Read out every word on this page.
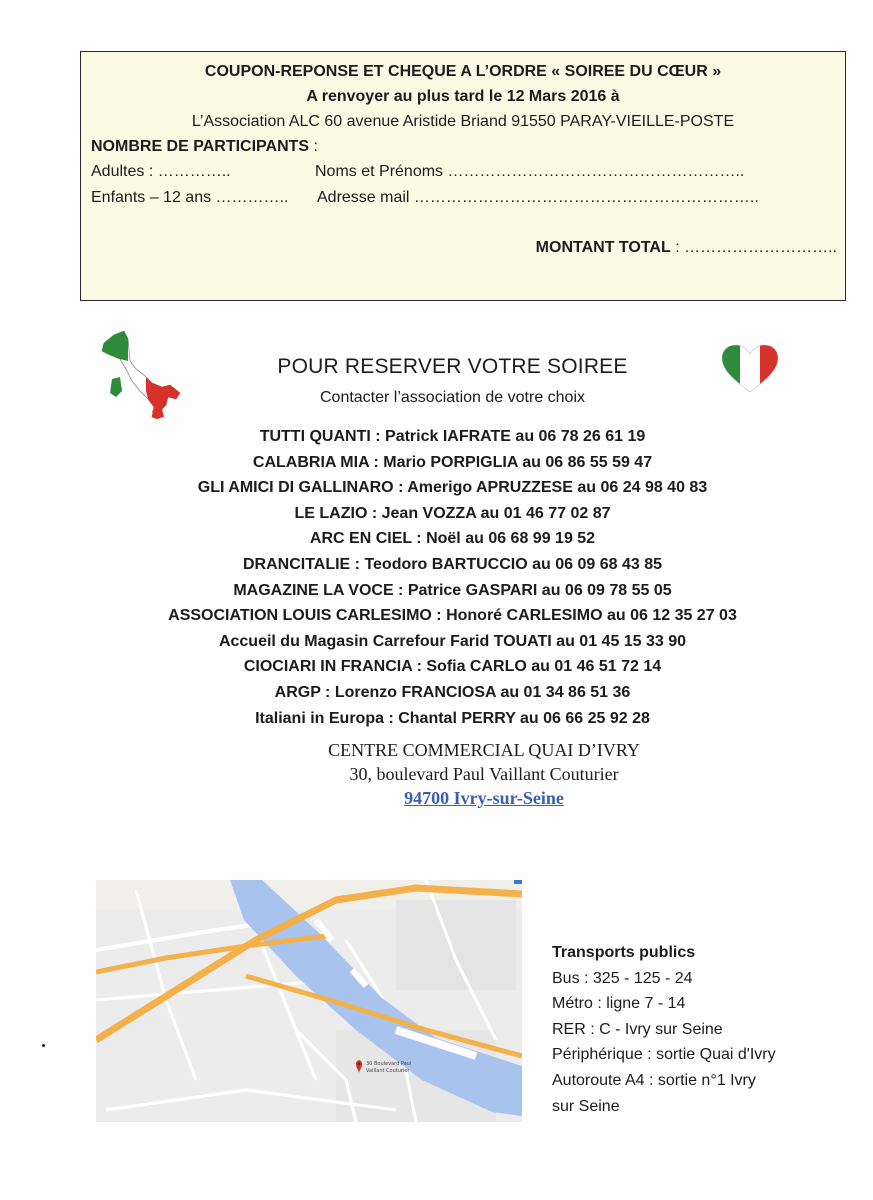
COUPON-REPONSE ET CHEQUE A L’ORDRE « SOIREE DU CŒUR »
A renvoyer au plus tard le 12 Mars 2016 à
L’Association ALC 60 avenue Aristide Briand 91550 PARAY-VIEILLE-POSTE
NOMBRE DE PARTICIPANTS :
Adultes : …………..	Noms et Prénoms ………………………………………………..
Enfants – 12 ans ………….. Adresse mail ………………………………………………………..
MONTANT TOTAL : ………………………..
POUR RESERVER VOTRE SOIREE
Contacter l’association de votre choix
TUTTI QUANTI : Patrick IAFRATE au 06 78 26 61 19
CALABRIA MIA : Mario PORPIGLIA au 06 86 55 59 47
GLI AMICI DI GALLINARO : Amerigo APRUZZESE au 06 24 98 40 83
LE LAZIO : Jean VOZZA au 01 46 77 02 87
ARC EN CIEL : Noël au 06 68 99 19 52
DRANCITALIE : Teodoro BARTUCCIO au 06 09 68 43 85
MAGAZINE LA VOCE : Patrice GASPARI au 06 09 78 55 05
ASSOCIATION LOUIS CARLESIMO : Honoré CARLESIMO au 06 12 35 27 03
Accueil du Magasin Carrefour Farid TOUATI au 01 45 15 33 90
CIOCIARI IN FRANCIA : Sofia CARLO au 01 46 51 72 14
ARGP : Lorenzo FRANCIOSA au 01 34 86 51 36
Italiani in Europa : Chantal PERRY au 06 66 25 92 28
CENTRE COMMERCIAL QUAI D’IVRY
30, boulevard Paul Vaillant Couturier
94700 Ivry-sur-Seine
30 Boulevard Paul
Vaillant Couturier
Transports publics
Bus : 325 - 125 - 24
Métro : ligne 7 - 14
RER : C - Ivry sur Seine
Périphérique : sortie Quai d'Ivry
Autoroute A4 : sortie n°1 Ivry
sur Seine
